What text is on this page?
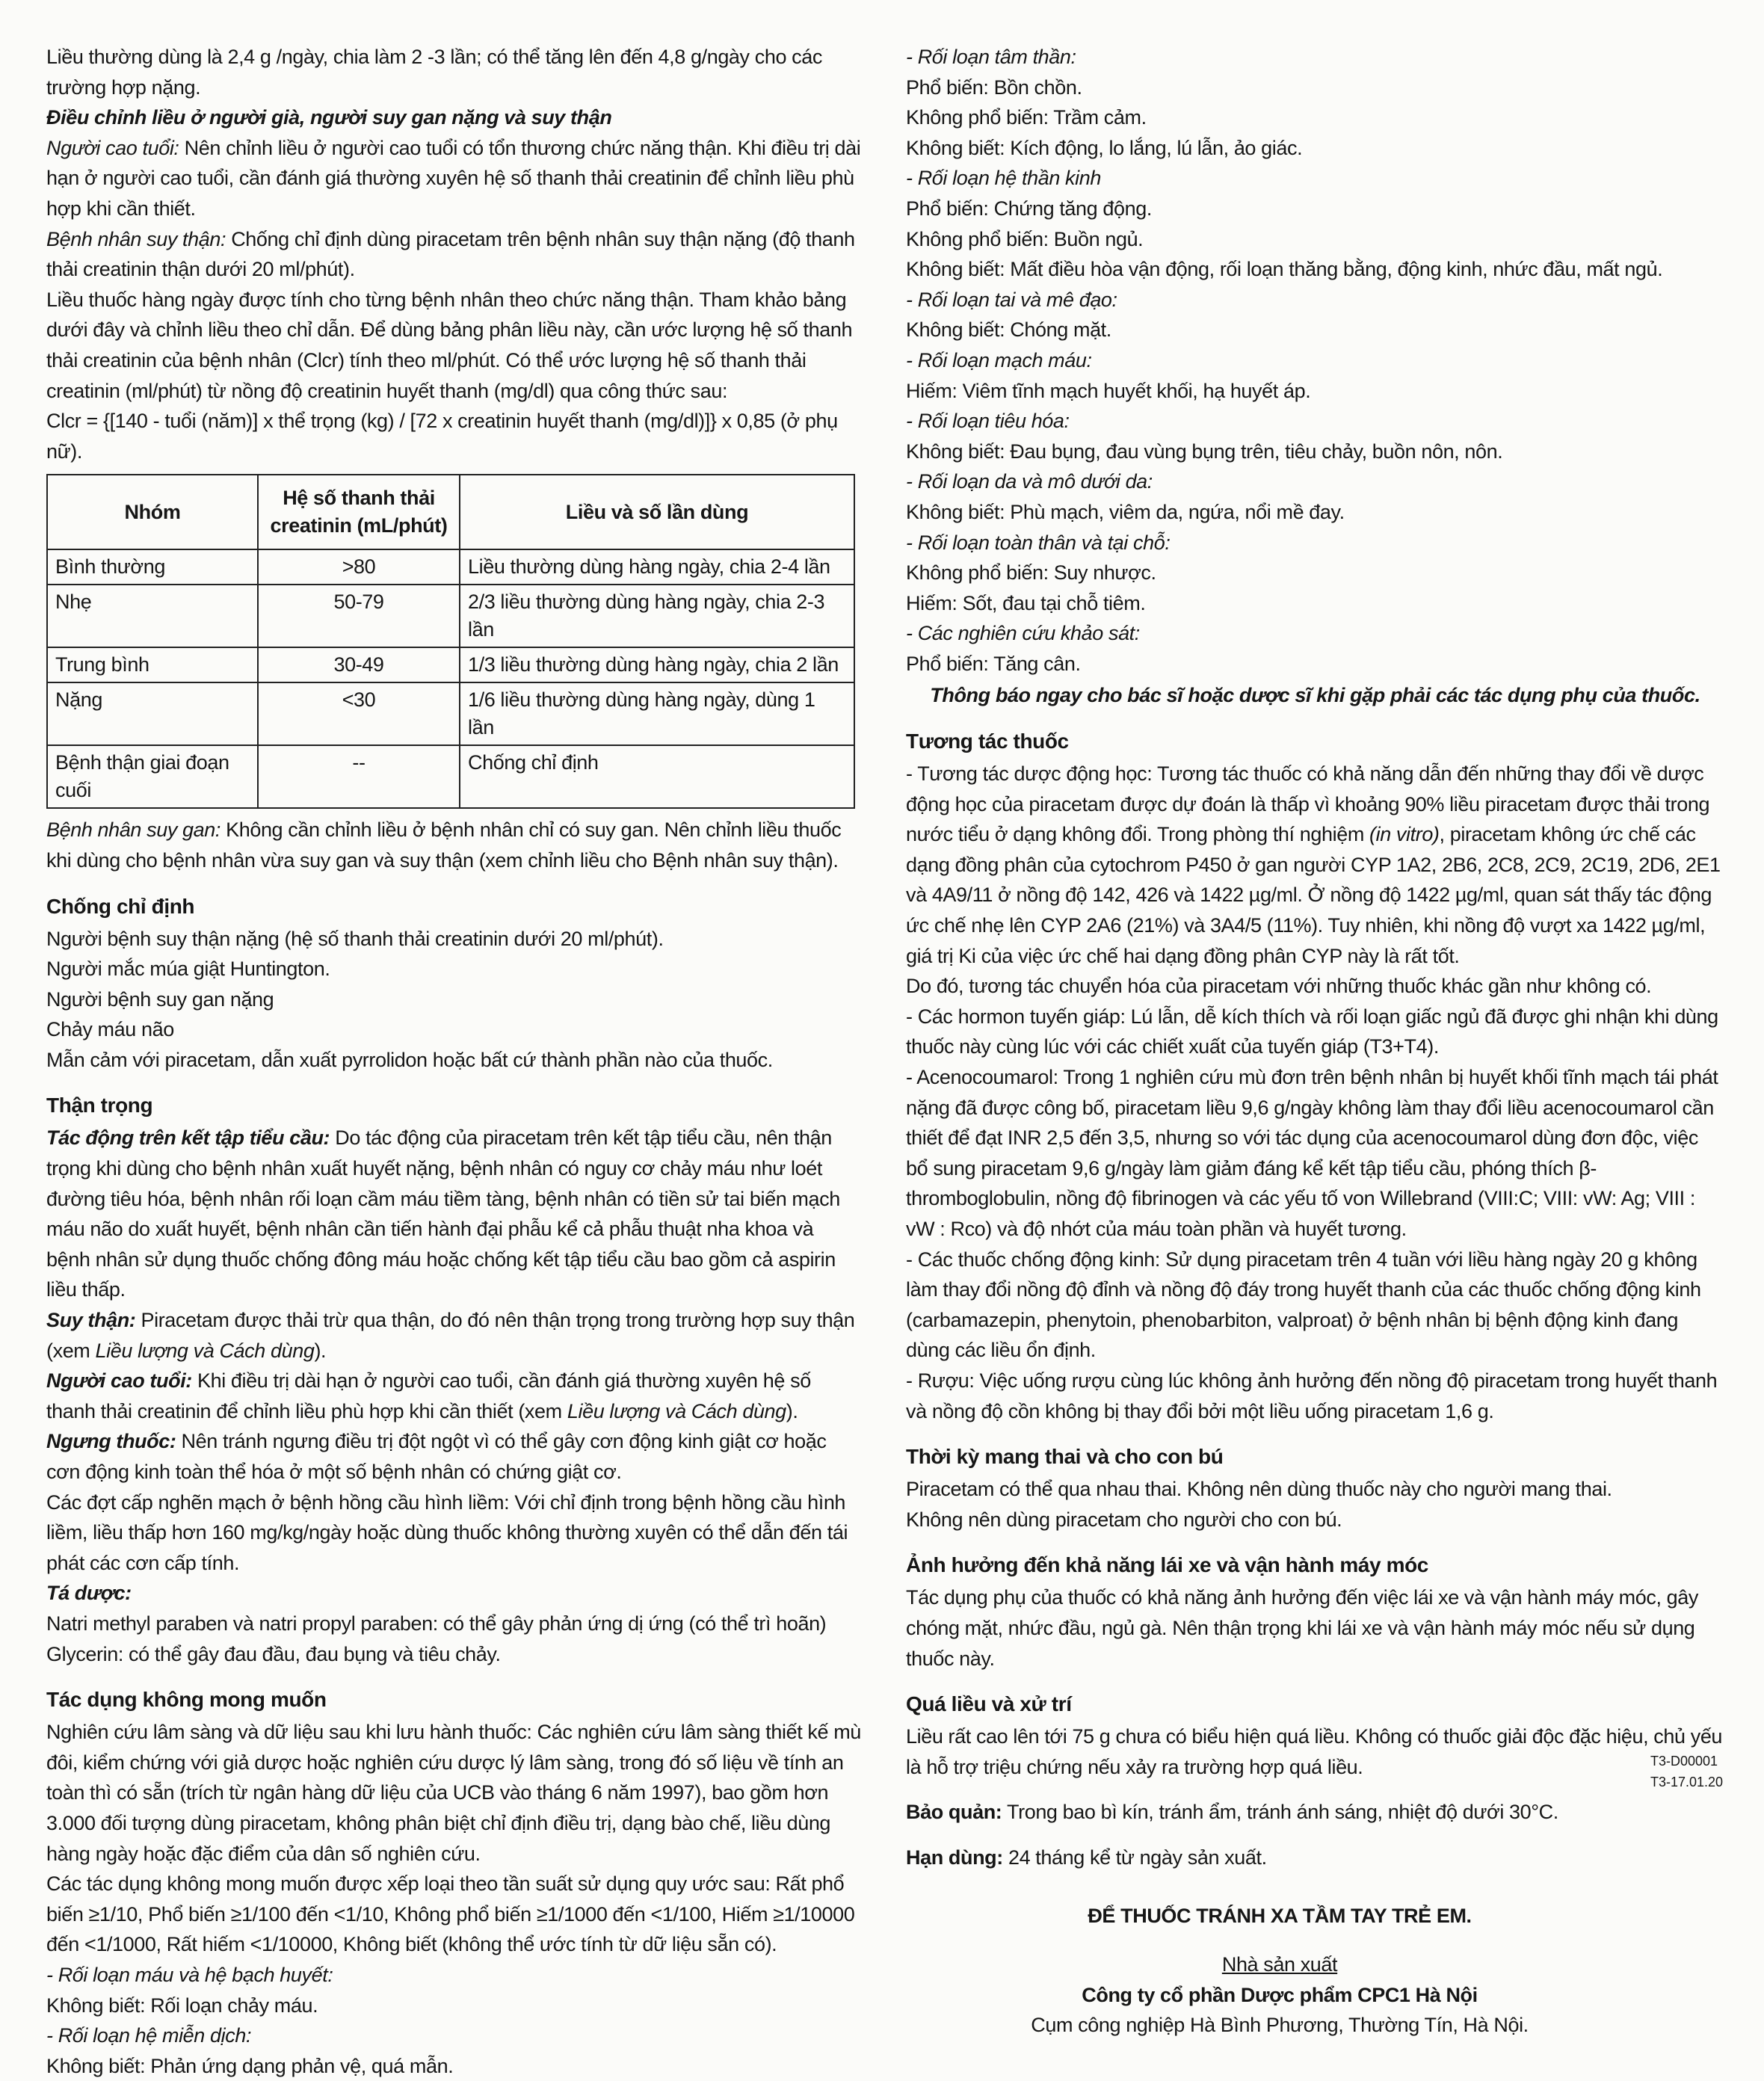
Liều thường dùng là 2,4 g /ngày, chia làm 2 -3 lần; có thể tăng lên đến 4,8 g/ngày cho các trường hợp nặng.

Điều chỉnh liều ở người già, người suy gan nặng và suy thận

Người cao tuổi: Nên chỉnh liều ở người cao tuổi có tổn thương chức năng thận. Khi điều trị dài hạn ở người cao tuổi, cần đánh giá thường xuyên hệ số thanh thải creatinin để chỉnh liều phù hợp khi cần thiết.

Bệnh nhân suy thận: Chống chỉ định dùng piracetam trên bệnh nhân suy thận nặng (độ thanh thải creatinin thận dưới 20 ml/phút).

Liều thuốc hàng ngày được tính cho từng bệnh nhân theo chức năng thận. Tham khảo bảng dưới đây và chỉnh liều theo chỉ dẫn. Để dùng bảng phân liều này, cần ước lượng hệ số thanh thải creatinin của bệnh nhân (Clcr) tính theo ml/phút. Có thể ước lượng hệ số thanh thải creatinin (ml/phút) từ nồng độ creatinin huyết thanh (mg/dl) qua công thức sau:

Clcr = {[140 - tuổi (năm)] x thể trọng (kg) / [72 x creatinin huyết thanh (mg/dl)]} x 0,85 (ở phụ nữ).

Nhóm	Hệ số thanh thải creatinin (mL/phút)	Liều và số lần dùng
Bình thường	>80	Liều thường dùng hàng ngày, chia 2-4 lần
Nhẹ	50-79	2/3 liều thường dùng hàng ngày, chia 2-3 lần
Trung bình	30-49	1/3 liều thường dùng hàng ngày, chia 2 lần
Nặng	<30	1/6 liều thường dùng hàng ngày, dùng 1 lần
Bệnh thận giai đoạn cuối	--	Chống chỉ định

Bệnh nhân suy gan: Không cần chỉnh liều ở bệnh nhân chỉ có suy gan. Nên chỉnh liều thuốc khi dùng cho bệnh nhân vừa suy gan và suy thận (xem chỉnh liều cho Bệnh nhân suy thận).

Chống chỉ định

Người bệnh suy thận nặng (hệ số thanh thải creatinin dưới 20 ml/phút).

Người mắc múa giật Huntington.

Người bệnh suy gan nặng

Chảy máu não

Mẫn cảm với piracetam, dẫn xuất pyrrolidon hoặc bất cứ thành phần nào của thuốc.

Thận trọng

Tác động trên kết tập tiểu cầu: Do tác động của piracetam trên kết tập tiểu cầu, nên thận trọng khi dùng cho bệnh nhân xuất huyết nặng, bệnh nhân có nguy cơ chảy máu như loét đường tiêu hóa, bệnh nhân rối loạn cầm máu tiềm tàng, bệnh nhân có tiền sử tai biến mạch máu não do xuất huyết, bệnh nhân cần tiến hành đại phẫu kể cả phẫu thuật nha khoa và bệnh nhân sử dụng thuốc chống đông máu hoặc chống kết tập tiểu cầu bao gồm cả aspirin liều thấp.

Suy thận: Piracetam được thải trừ qua thận, do đó nên thận trọng trong trường hợp suy thận (xem Liều lượng và Cách dùng).

Người cao tuổi: Khi điều trị dài hạn ở người cao tuổi, cần đánh giá thường xuyên hệ số thanh thải creatinin để chỉnh liều phù hợp khi cần thiết (xem Liều lượng và Cách dùng).

Ngưng thuốc: Nên tránh ngưng điều trị đột ngột vì có thể gây cơn động kinh giật cơ hoặc cơn động kinh toàn thể hóa ở một số bệnh nhân có chứng giật cơ.

Các đợt cấp nghẽn mạch ở bệnh hồng cầu hình liềm: Với chỉ định trong bệnh hồng cầu hình liềm, liều thấp hơn 160 mg/kg/ngày hoặc dùng thuốc không thường xuyên có thể dẫn đến tái phát các cơn cấp tính.

Tá dược:

Natri methyl paraben và natri propyl paraben: có thể gây phản ứng dị ứng (có thể trì hoãn)

Glycerin: có thể gây đau đầu, đau bụng và tiêu chảy.

Tác dụng không mong muốn

Nghiên cứu lâm sàng và dữ liệu sau khi lưu hành thuốc: Các nghiên cứu lâm sàng thiết kế mù đôi, kiểm chứng với giả dược hoặc nghiên cứu dược lý lâm sàng, trong đó số liệu về tính an toàn thì có sẵn (trích từ ngân hàng dữ liệu của UCB vào tháng 6 năm 1997), bao gồm hơn 3.000 đối tượng dùng piracetam, không phân biệt chỉ định điều trị, dạng bào chế, liều dùng hàng ngày hoặc đặc điểm của dân số nghiên cứu.

Các tác dụng không mong muốn được xếp loại theo tần suất sử dụng quy ước sau: Rất phổ biến ≥1/10, Phổ biến ≥1/100 đến <1/10, Không phổ biến ≥1/1000 đến <1/100, Hiếm ≥1/10000 đến <1/1000, Rất hiếm <1/10000, Không biết (không thể ước tính từ dữ liệu sẵn có).

- Rối loạn máu và hệ bạch huyết:

Không biết: Rối loạn chảy máu.

- Rối loạn hệ miễn dịch:

Không biết: Phản ứng dạng phản vệ, quá mẫn.

- Rối loạn tâm thần:

Phổ biến: Bồn chồn.

Không phổ biến: Trầm cảm.

Không biết: Kích động, lo lắng, lú lẫn, ảo giác.

- Rối loạn hệ thần kinh

Phổ biến: Chứng tăng động.

Không phổ biến: Buồn ngủ.

Không biết: Mất điều hòa vận động, rối loạn thăng bằng, động kinh, nhức đầu, mất ngủ.

- Rối loạn tai và mê đạo:

Không biết: Chóng mặt.

- Rối loạn mạch máu:

Hiếm: Viêm tĩnh mạch huyết khối, hạ huyết áp.

- Rối loạn tiêu hóa:

Không biết: Đau bụng, đau vùng bụng trên, tiêu chảy, buồn nôn, nôn.

- Rối loạn da và mô dưới da:

Không biết: Phù mạch, viêm da, ngứa, nổi mề đay.

- Rối loạn toàn thân và tại chỗ:

Không phổ biến: Suy nhược.

Hiếm: Sốt, đau tại chỗ tiêm.

- Các nghiên cứu khảo sát:

Phổ biến: Tăng cân.

Thông báo ngay cho bác sĩ hoặc dược sĩ khi gặp phải các tác dụng phụ của thuốc.

Tương tác thuốc

- Tương tác dược động học: Tương tác thuốc có khả năng dẫn đến những thay đổi về dược động học của piracetam được dự đoán là thấp vì khoảng 90% liều piracetam được thải trong nước tiểu ở dạng không đổi. Trong phòng thí nghiệm (in vitro), piracetam không ức chế các dạng đồng phân của cytochrom P450 ở gan người CYP 1A2, 2B6, 2C8, 2C9, 2C19, 2D6, 2E1 và 4A9/11 ở nồng độ 142, 426 và 1422 µg/ml. Ở nồng độ 1422 µg/ml, quan sát thấy tác động ức chế nhẹ lên CYP 2A6 (21%) và 3A4/5 (11%). Tuy nhiên, khi nồng độ vượt xa 1422 µg/ml, giá trị Ki của việc ức chế hai dạng đồng phân CYP này là rất tốt.

Do đó, tương tác chuyển hóa của piracetam với những thuốc khác gần như không có.

- Các hormon tuyến giáp: Lú lẫn, dễ kích thích và rối loạn giấc ngủ đã được ghi nhận khi dùng thuốc này cùng lúc với các chiết xuất của tuyến giáp (T3+T4).

- Acenocoumarol: Trong 1 nghiên cứu mù đơn trên bệnh nhân bị huyết khối tĩnh mạch tái phát nặng đã được công bố, piracetam liều 9,6 g/ngày không làm thay đổi liều acenocoumarol cần thiết để đạt INR 2,5 đến 3,5, nhưng so với tác dụng của acenocoumarol dùng đơn độc, việc bổ sung piracetam 9,6 g/ngày làm giảm đáng kể kết tập tiểu cầu, phóng thích β-thromboglobulin, nồng độ fibrinogen và các yếu tố von Willebrand (VIII:C; VIII: vW: Ag; VIII : vW : Rco) và độ nhớt của máu toàn phần và huyết tương.

- Các thuốc chống động kinh: Sử dụng piracetam trên 4 tuần với liều hàng ngày 20 g không làm thay đổi nồng độ đỉnh và nồng độ đáy trong huyết thanh của các thuốc chống động kinh (carbamazepin, phenytoin, phenobarbiton, valproat) ở bệnh nhân bị bệnh động kinh đang dùng các liều ổn định.

- Rượu: Việc uống rượu cùng lúc không ảnh hưởng đến nồng độ piracetam trong huyết thanh và nồng độ cồn không bị thay đổi bởi một liều uống piracetam 1,6 g.

Thời kỳ mang thai và cho con bú

Piracetam có thể qua nhau thai. Không nên dùng thuốc này cho người mang thai.

Không nên dùng piracetam cho người cho con bú.

Ảnh hưởng đến khả năng lái xe và vận hành máy móc

Tác dụng phụ của thuốc có khả năng ảnh hưởng đến việc lái xe và vận hành máy móc, gây chóng mặt, nhức đầu, ngủ gà. Nên thận trọng khi lái xe và vận hành máy móc nếu sử dụng thuốc này.

Quá liều và xử trí

Liều rất cao lên tới 75 g chưa có biểu hiện quá liều. Không có thuốc giải độc đặc hiệu, chủ yếu là hỗ trợ triệu chứng nếu xảy ra trường hợp quá liều.

Bảo quản: Trong bao bì kín, tránh ẩm, tránh ánh sáng, nhiệt độ dưới 30°C.

Hạn dùng: 24 tháng kể từ ngày sản xuất.

ĐỂ THUỐC TRÁNH XA TẦM TAY TRẺ EM.

Nhà sản xuất

Công ty cổ phần Dược phẩm CPC1 Hà Nội

Cụm công nghiệp Hà Bình Phương, Thường Tín, Hà Nội.

T3-D00001
T3-17.01.20
